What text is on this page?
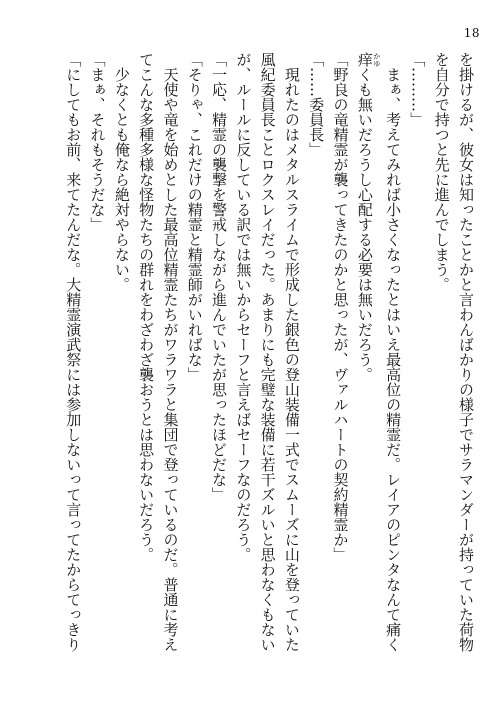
18
を掛けるが、彼女は知ったことかと言わんばかりの様子でサラマンダーが持っていた荷物
を自分で持つと先に進んでしまう。
「………」
　まぁ、考えてみれば小さくなったとはいえ最高位の精霊だ。レイアのピンタなんて痛く
痒 かゆくも無いだろうし心配する必要は無いだろう。
「野良の竜精霊が襲ってきたのかと思ったが、ヴァルハートの契約精霊か」
「……委員長」
　現れたのはメタルスライムで形成した銀色の登山装備一式でスムーズに山を登っていた
風紀委員長ことロクスレイだった。あまりにも完璧な装備に若干ズルいと思わなくもない
が、ルールに反している訳では無いからセーフと言えばセーフなのだろう。
「一応、精霊の襲撃を警戒しながら進んでいたが思ったほどだな」
「そりゃ、これだけの精霊と精霊師がいればな」
　天使や竜を始めとした最高位精霊たちがワラワラと集団で登っているのだ。普通に考え
てこんな多種多様な怪物たちの群れをわざわざ襲おうとは思わないだろう。
　少なくとも俺なら絶対やらない。
「まぁ、それもそうだな」
「にしてもお前、来てたんだな。大精霊演武祭には参加しないって言ってたからてっきり
